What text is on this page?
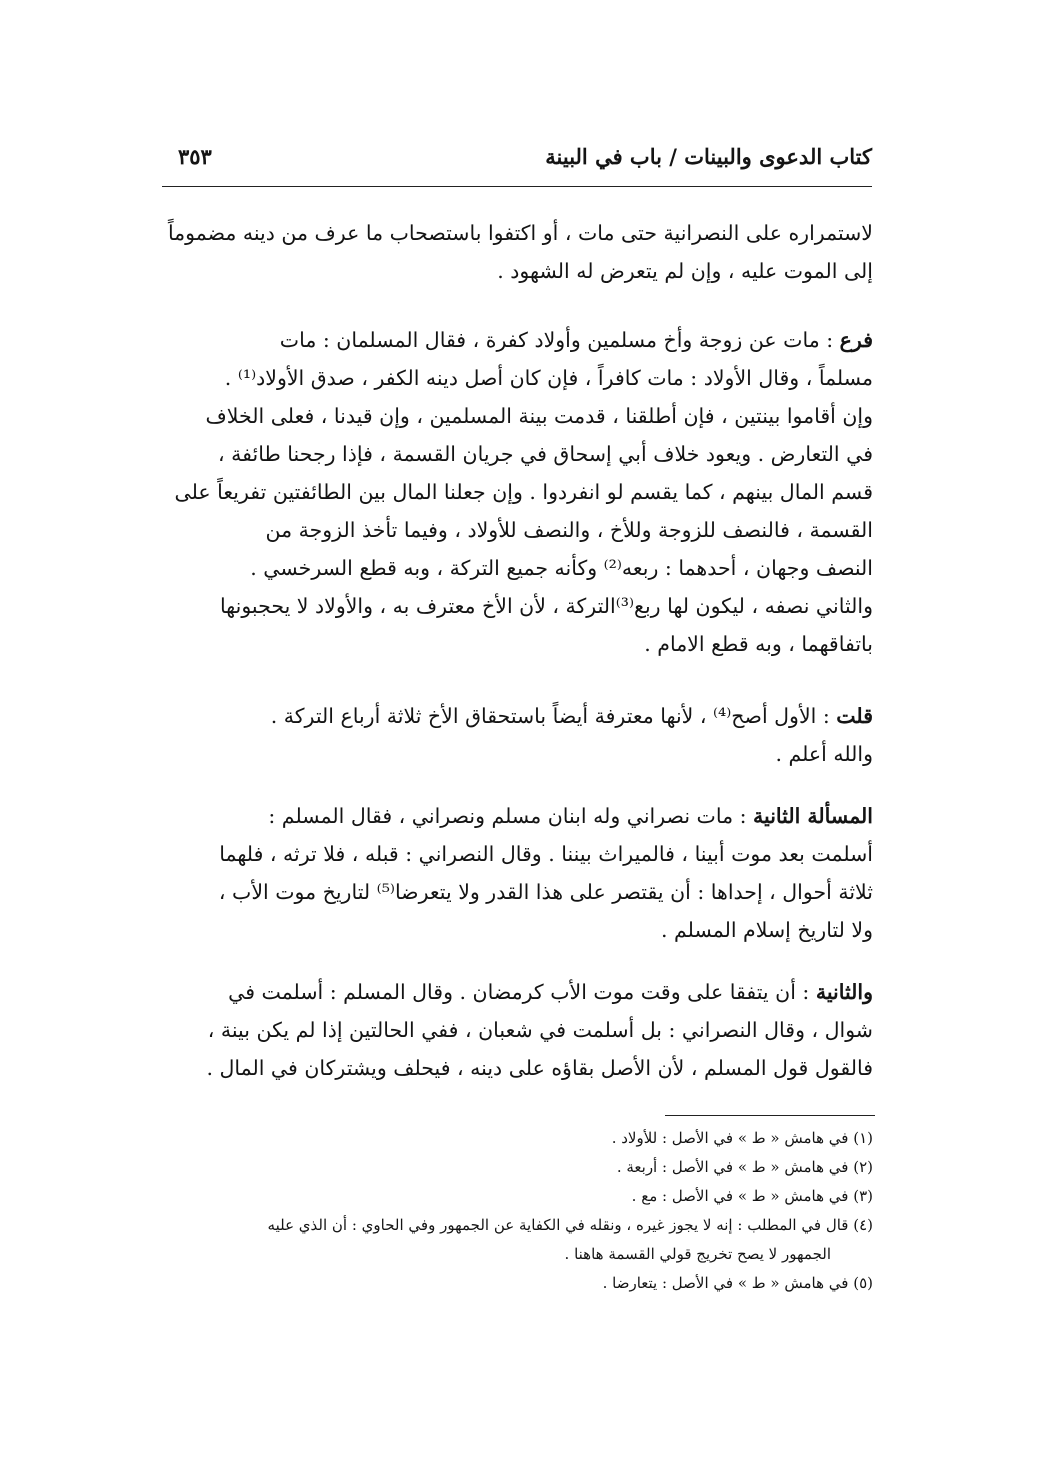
كتاب الدعوى والبينات / باب في البينة
٣٥٣
لاستمراره على النصرانية حتى مات ، أو اكتفوا باستصحاب ما عرف من دينه مضموماً
إلى الموت عليه ، وإن لم يتعرض له الشهود .
فرع : مات عن زوجة وأخ مسلمين وأولاد كفرة ، فقال المسلمان : مات
مسلماً ، وقال الأولاد : مات كافراً ، فإن كان أصل دينه الكفر ، صدق الأولاد⁽¹⁾ .
وإن أقاموا بينتين ، فإن أطلقنا ، قدمت بينة المسلمين ، وإن قيدنا ، فعلى الخلاف
في التعارض . ويعود خلاف أبي إسحاق في جريان القسمة ، فإذا رجحنا طائفة ،
قسم المال بينهم ، كما يقسم لو انفردوا . وإن جعلنا المال بين الطائفتين تفريعاً على
القسمة ، فالنصف للزوجة وللأخ ، والنصف للأولاد ، وفيما تأخذ الزوجة من
النصف وجهان ، أحدهما : ربعه⁽²⁾ وكأنه جميع التركة ، وبه قطع السرخسي .
والثاني نصفه ، ليكون لها ربع⁽³⁾التركة ، لأن الأخ معترف به ، والأولاد لا يحجبونها
باتفاقهما ، وبه قطع الامام .
قلت : الأول أصح⁽⁴⁾ ، لأنها معترفة أيضاً باستحقاق الأخ ثلاثة أرباع التركة .
والله أعلم .
المسألة الثانية : مات نصراني وله ابنان مسلم ونصراني ، فقال المسلم :
أسلمت بعد موت أبينا ، فالميراث بيننا . وقال النصراني : قبله ، فلا ترثه ، فلهما
ثلاثة أحوال ، إحداها : أن يقتصر على هذا القدر ولا يتعرضا⁽⁵⁾ لتاريخ موت الأب ،
ولا لتاريخ إسلام المسلم .
والثانية : أن يتفقا على وقت موت الأب كرمضان . وقال المسلم : أسلمت في
شوال ، وقال النصراني : بل أسلمت في شعبان ، ففي الحالتين إذا لم يكن بينة ،
فالقول قول المسلم ، لأن الأصل بقاؤه على دينه ، فيحلف ويشتركان في المال .
(١) في هامش « ط » في الأصل : للأولاد .
(٢) في هامش « ط » في الأصل : أربعة .
(٣) في هامش « ط » في الأصل : مع .
(٤) قال في المطلب : إنه لا يجوز غيره ، ونقله في الكفاية عن الجمهور وفي الحاوي : أن الذي عليه
الجمهور لا يصح تخريج قولي القسمة هاهنا .
(٥) في هامش « ط » في الأصل : يتعارضا .
